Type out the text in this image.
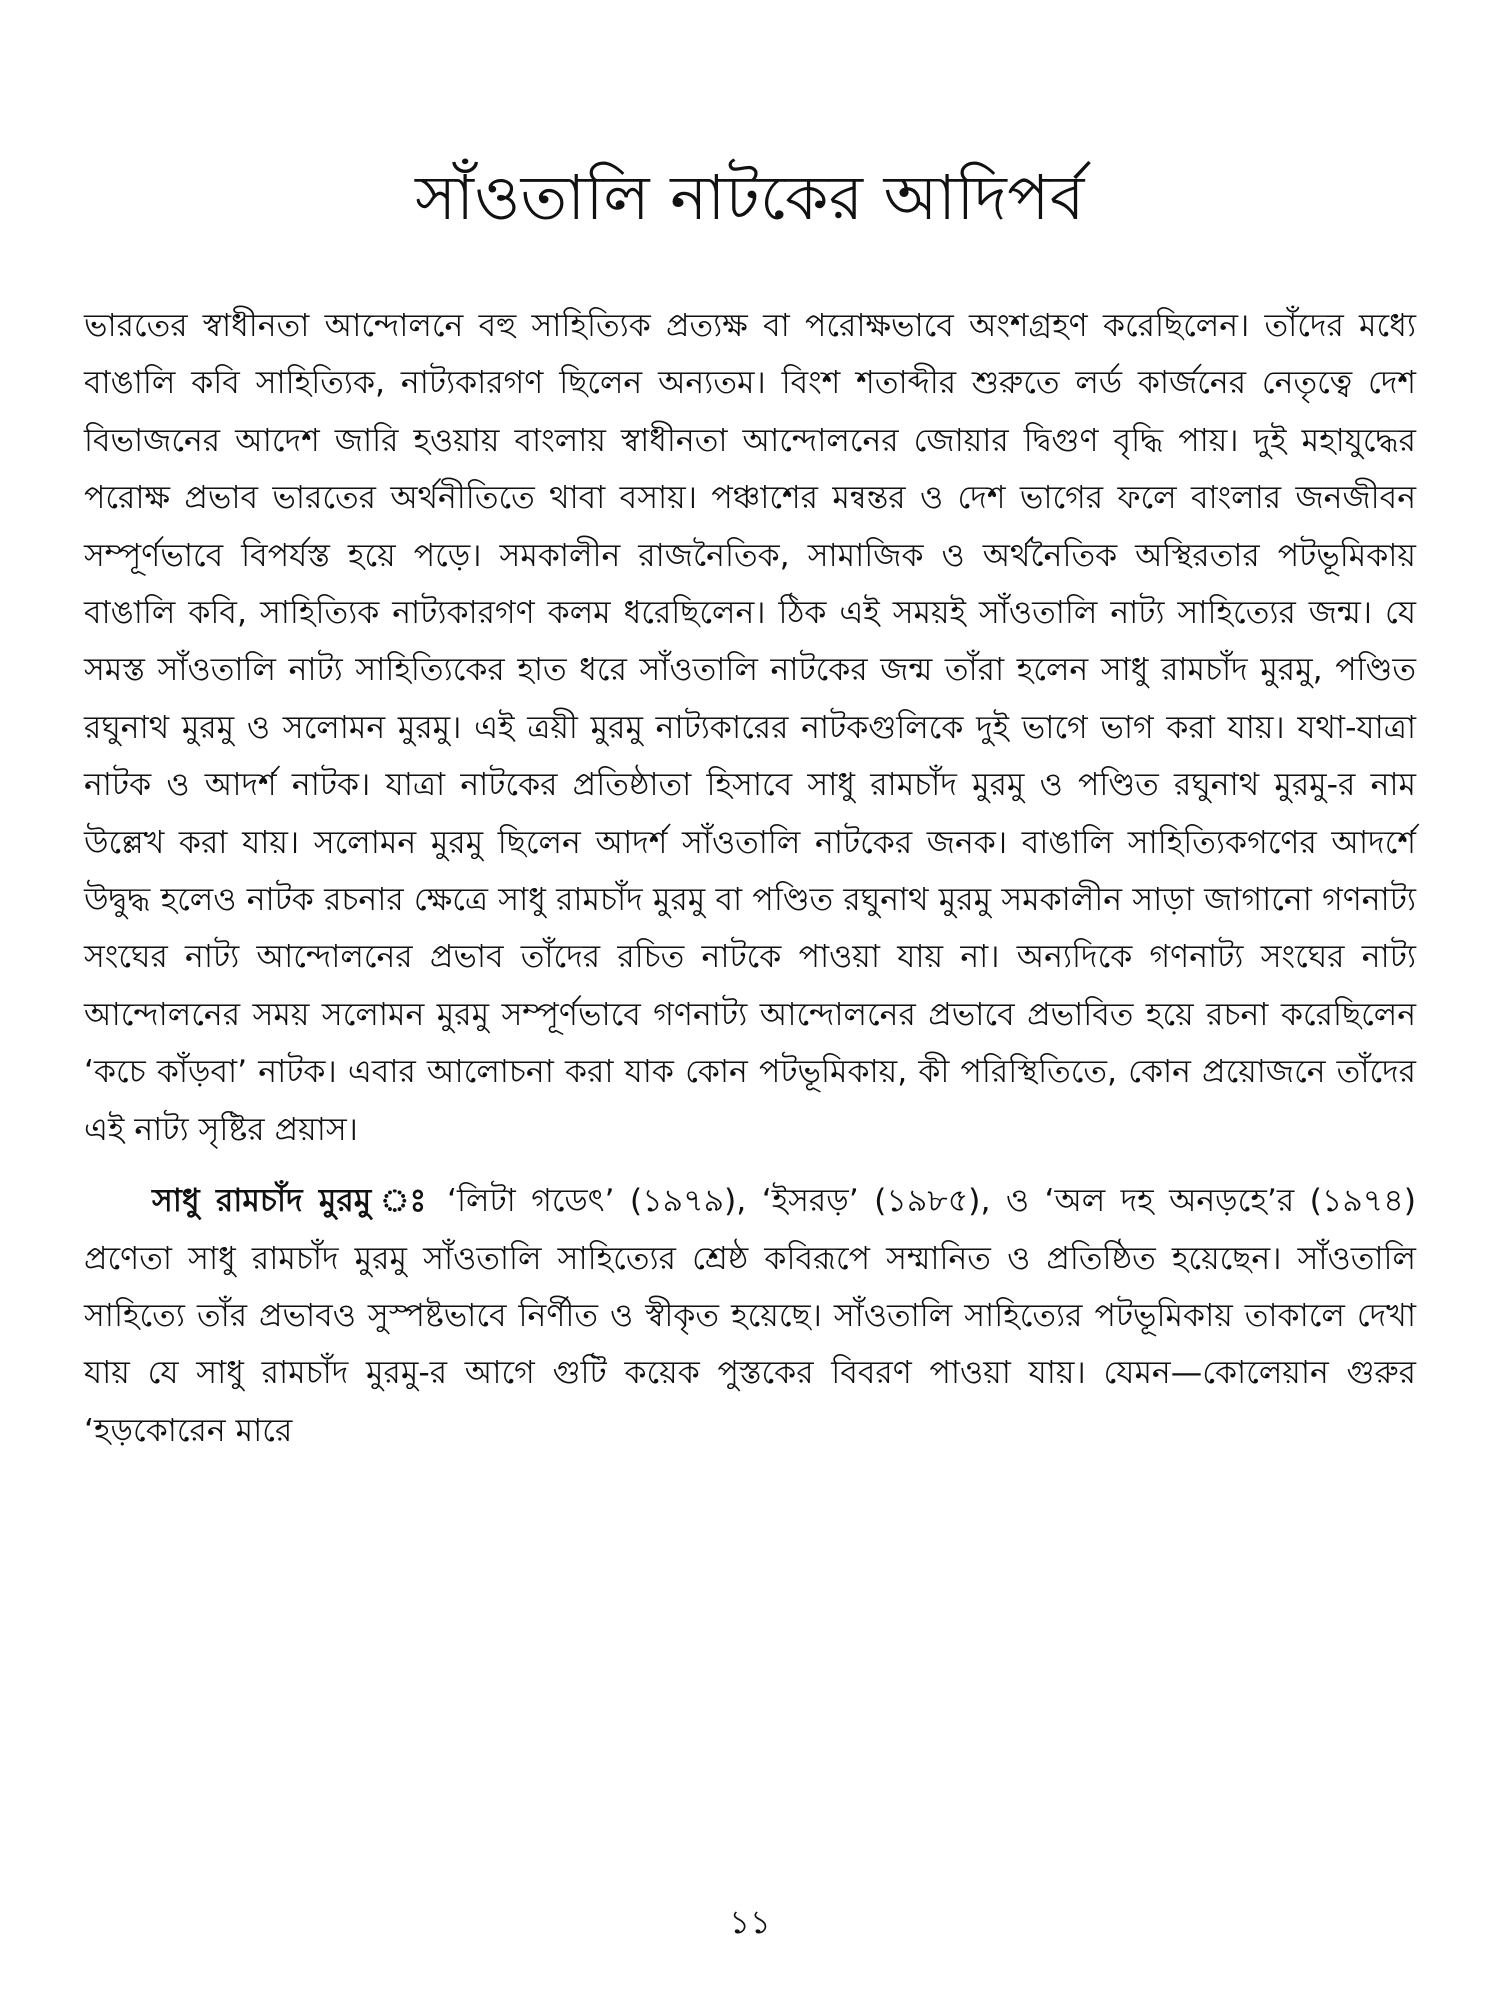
সাঁওতালি নাটকের আদিপর্ব

ভারতের স্বাধীনতা আন্দোলনে বহু সাহিত্যিক প্রত্যক্ষ বা পরোক্ষভাবে অংশগ্রহণ করেছিলেন। তাঁদের মধ্যে বাঙালি কবি সাহিত্যিক, নাট্যকারগণ ছিলেন অন্যতম। বিংশ শতাব্দীর শুরুতে লর্ড কার্জনের নেতৃত্বে দেশ বিভাজনের আদেশ জারি হওয়ায় বাংলায় স্বাধীনতা আন্দোলনের জোয়ার দ্বিগুণ বৃদ্ধি পায়। দুই মহাযুদ্ধের পরোক্ষ প্রভাব ভারতের অর্থনীতিতে থাবা বসায়। পঞ্চাশের মন্বন্তর ও দেশ ভাগের ফলে বাংলার জনজীবন সম্পূর্ণভাবে বিপর্যস্ত হয়ে পড়ে। সমকালীন রাজনৈতিক, সামাজিক ও অর্থনৈতিক অস্থিরতার পটভূমিকায় বাঙালি কবি, সাহিত্যিক নাট্যকারগণ কলম ধরেছিলেন। ঠিক এই সময়ই সাঁওতালি নাট্য সাহিত্যের জন্ম। যে সমস্ত সাঁওতালি নাট্য সাহিত্যিকের হাত ধরে সাঁওতালি নাটকের জন্ম তাঁরা হলেন সাধু রামচাঁদ মুরমু, পণ্ডিত রঘুনাথ মুরমু ও সলোমন মুরমু। এই ত্রয়ী মুরমু নাট্যকারের নাটকগুলিকে দুই ভাগে ভাগ করা যায়। যথা-যাত্রা নাটক ও আদর্শ নাটক। যাত্রা নাটকের প্রতিষ্ঠাতা হিসাবে সাধু রামচাঁদ মুরমু ও পণ্ডিত রঘুনাথ মুরমু-র নাম উল্লেখ করা যায়। সলোমন মুরমু ছিলেন আদর্শ সাঁওতালি নাটকের জনক। বাঙালি সাহিত্যিকগণের আদর্শে উদ্বুদ্ধ হলেও নাটক রচনার ক্ষেত্রে সাধু রামচাঁদ মুরমু বা পণ্ডিত রঘুনাথ মুরমু সমকালীন সাড়া জাগানো গণনাট্য সংঘের নাট্য আন্দোলনের প্রভাব তাঁদের রচিত নাটকে পাওয়া যায় না। অন্যদিকে গণনাট্য সংঘের নাট্য আন্দোলনের সময় সলোমন মুরমু সম্পূর্ণভাবে গণনাট্য আন্দোলনের প্রভাবে প্রভাবিত হয়ে রচনা করেছিলেন ‘কচে কাঁড়বা’ নাটক। এবার আলোচনা করা যাক কোন পটভূমিকায়, কী পরিস্থিতিতে, কোন প্রয়োজনে তাঁদের এই নাট্য সৃষ্টির প্রয়াস।

সাধু রামচাঁদ মুরমু ঃ ‘লিটা গডেৎ’ (১৯৭৯), ‘ইসরড়’ (১৯৮৫), ও ‘অল দহ অনড়হে’র (১৯৭৪) প্রণেতা সাধু রামচাঁদ মুরমু সাঁওতালি সাহিত্যের শ্রেষ্ঠ কবিরূপে সম্মানিত ও প্রতিষ্ঠিত হয়েছেন। সাঁওতালি সাহিত্যে তাঁর প্রভাবও সুস্পষ্টভাবে নির্ণীত ও স্বীকৃত হয়েছে। সাঁওতালি সাহিত্যের পটভূমিকায় তাকালে দেখা যায় যে সাধু রামচাঁদ মুরমু-র আগে গুটি কয়েক পুস্তকের বিবরণ পাওয়া যায়। যেমন—কোলেয়ান গুরুর ‘হড়কোরেন মারে

১১
